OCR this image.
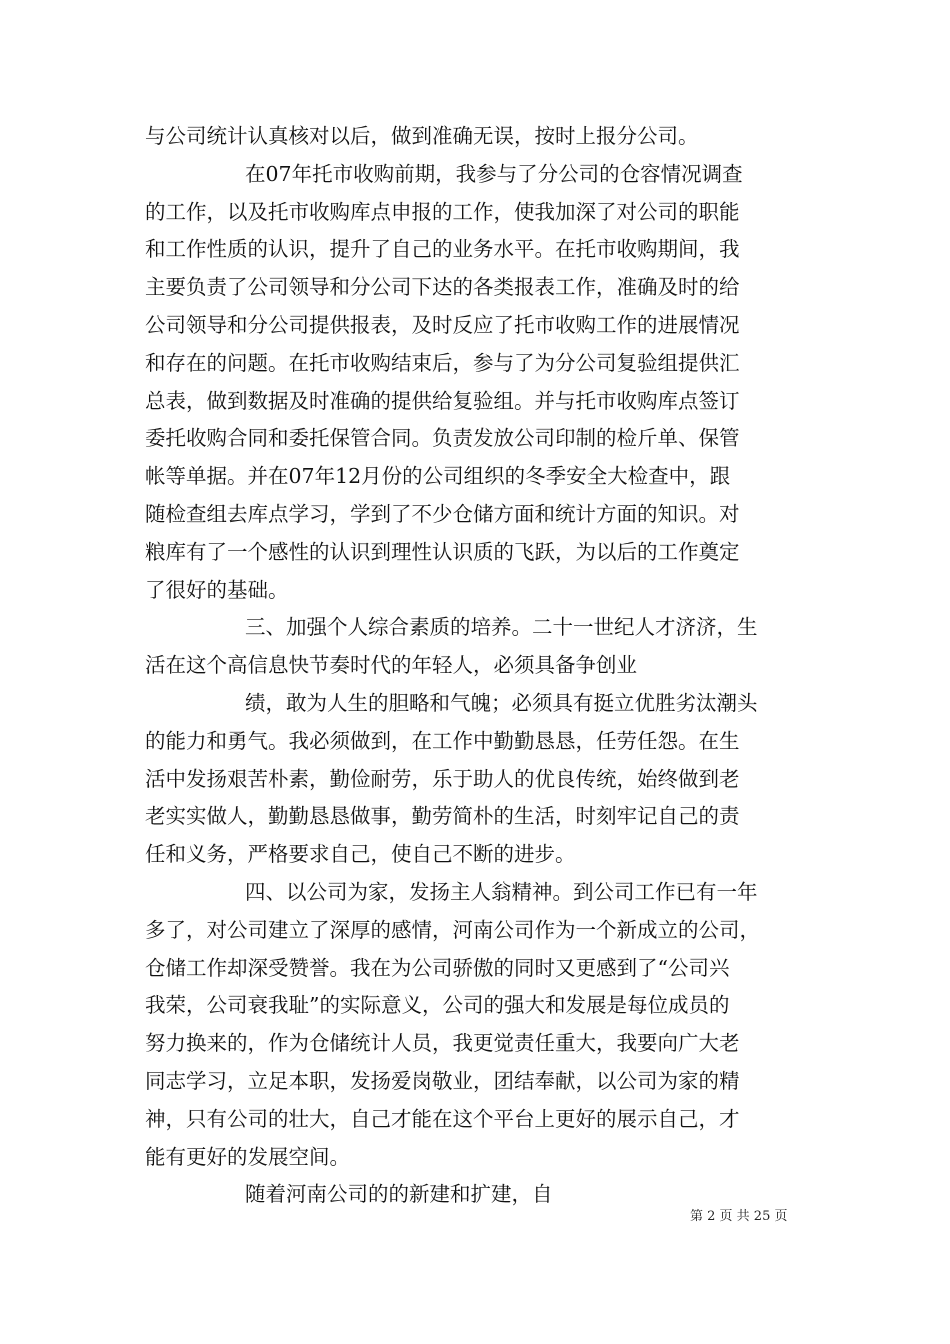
与公司统计认真核对以后，做到准确无误，按时上报分公司。
在07年托市收购前期，我参与了分公司的仓容情况调查
的工作，以及托市收购库点申报的工作，使我加深了对公司的职能
和工作性质的认识，提升了自己的业务水平。在托市收购期间，我
主要负责了公司领导和分公司下达的各类报表工作，准确及时的给
公司领导和分公司提供报表，及时反应了托市收购工作的进展情况
和存在的问题。在托市收购结束后，参与了为分公司复验组提供汇
总表，做到数据及时准确的提供给复验组。并与托市收购库点签订
委托收购合同和委托保管合同。负责发放公司印制的检斤单、保管
帐等单据。并在07年12月份的公司组织的冬季安全大检查中，跟
随检查组去库点学习，学到了不少仓储方面和统计方面的知识。对
粮库有了一个感性的认识到理性认识质的飞跃，为以后的工作奠定
了很好的基础。
三、加强个人综合素质的培养。二十一世纪人才济济，生
活在这个高信息快节奏时代的年轻人，必须具备争创业
绩，敢为人生的胆略和气魄；必须具有挺立优胜劣汰潮头
的能力和勇气。我必须做到，在工作中勤勤恳恳，任劳任怨。在生
活中发扬艰苦朴素，勤俭耐劳，乐于助人的优良传统，始终做到老
老实实做人，勤勤恳恳做事，勤劳简朴的生活，时刻牢记自己的责
任和义务，严格要求自己，使自己不断的进步。
四、以公司为家，发扬主人翁精神。到公司工作已有一年
多了，对公司建立了深厚的感情，河南公司作为一个新成立的公司，
仓储工作却深受赞誉。我在为公司骄傲的同时又更感到了“公司兴
我荣，公司衰我耻”的实际意义，公司的强大和发展是每位成员的
努力换来的，作为仓储统计人员，我更觉责任重大，我要向广大老
同志学习，立足本职，发扬爱岗敬业，团结奉献，以公司为家的精
神，只有公司的壮大，自己才能在这个平台上更好的展示自己，才
能有更好的发展空间。
随着河南公司的的新建和扩建，自
第 2 页 共 25 页
